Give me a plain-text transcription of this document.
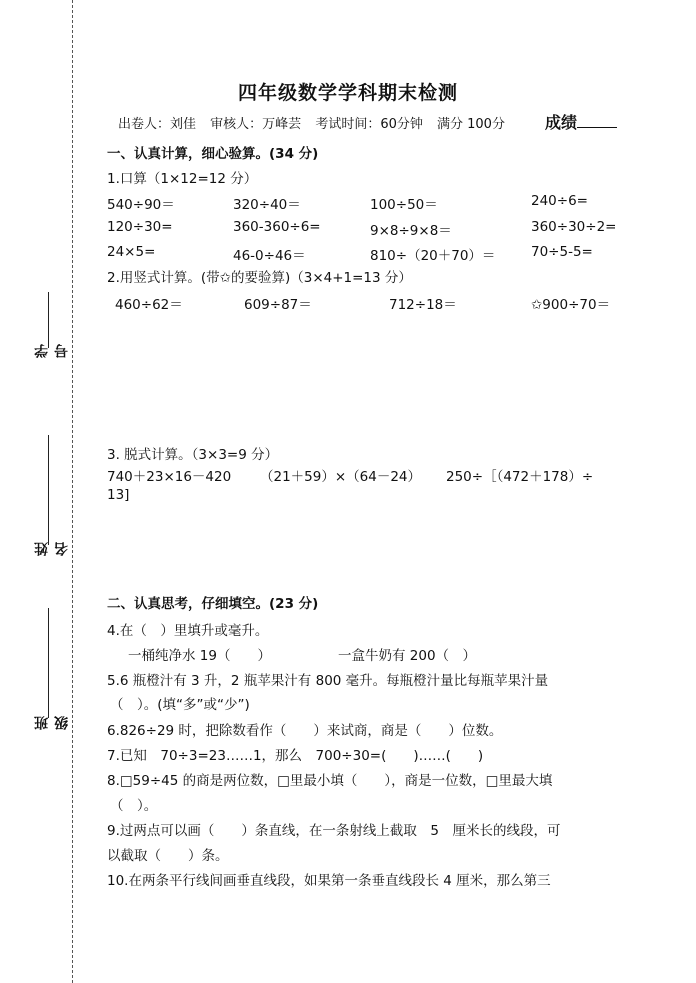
学号
姓名
班级
四年级数学学科期末检测
出卷人：刘佳 审核人：万峰芸 考试时间：60分钟 满分 100分	成绩
一、认真计算，细心验算。(34 分)
1.口算（1×12=12 分）
540÷90＝	320÷40＝	100÷50＝	240÷6=
120÷30=	360-360÷6=	9×8÷9×8＝	360÷30÷2=
24×5=	46-0÷46＝	810÷（20＋70）＝	70÷5-5=
2.用竖式计算。(带✩的要验算)（3×4+1=13 分）
460÷62＝	609÷87＝	712÷18＝	✩900÷70＝
3. 脱式计算。（3×3=9 分）
740＋23×16－420 （21＋59）×（64－24） 250÷［（472＋178）÷
13]
二、认真思考，仔细填空。(23 分)
4.在（　）里填升或毫升。
一桶纯净水 19（　　）	一盒牛奶有 200（　）
5.6 瓶橙汁有 3 升，2 瓶苹果汁有 800 毫升。每瓶橙汁量比每瓶苹果汁量
（　）。(填“多”或“少”)
6.826÷29 时，把除数看作（　　）来试商，商是（　　）位数。
7.已知　70÷3=23……1，那么　700÷30=(　　)……(　　)
8.□59÷45 的商是两位数，□里最小填（　　），商是一位数，□里最大填
（　）。
9.过两点可以画（　　）条直线，在一条射线上截取　5　厘米长的线段，可
以截取（　　）条。
10.在两条平行线间画垂直线段，如果第一条垂直线段长 4 厘米，那么第三
